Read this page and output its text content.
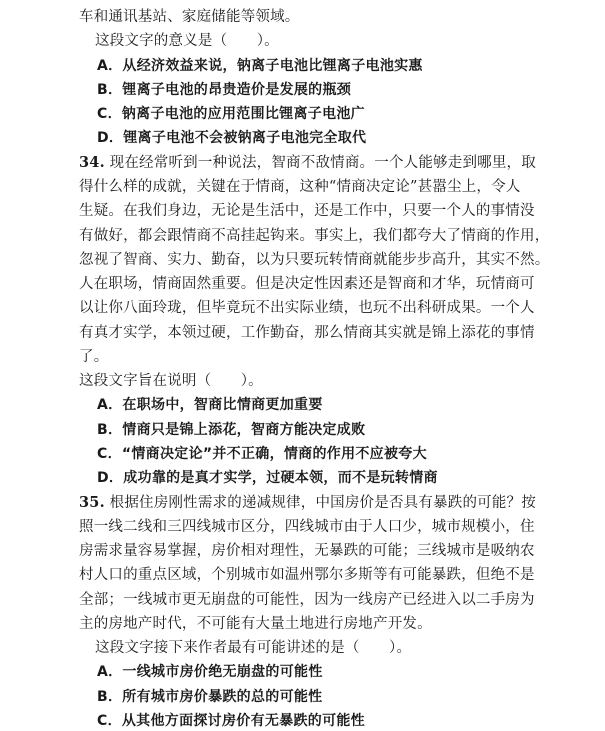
车和通讯基站、家庭储能等领域。
这段文字的意义是（　　）。
A．从经济效益来说，钠离子电池比锂离子电池实惠
B．锂离子电池的昂贵造价是发展的瓶颈
C．钠离子电池的应用范围比锂离子电池广
D．锂离子电池不会被钠离子电池完全取代
34. 现在经常听到一种说法，智商不敌情商。一个人能够走到哪里，取
得什么样的成就，关键在于情商，这种“情商决定论”甚嚣尘上，令人
生疑。在我们身边，无论是生活中，还是工作中，只要一个人的事情没
有做好，都会跟情商不高挂起钩来。事实上，我们都夸大了情商的作用，
忽视了智商、实力、勤奋，以为只要玩转情商就能步步高升，其实不然。
人在职场，情商固然重要。但是决定性因素还是智商和才华，玩情商可
以让你八面玲珑，但毕竟玩不出实际业绩，也玩不出科研成果。一个人
有真才实学，本领过硬，工作勤奋，那么情商其实就是锦上添花的事情
了。
这段文字旨在说明（　　）。
A．在职场中，智商比情商更加重要
B．情商只是锦上添花，智商方能决定成败
C．“情商决定论”并不正确，情商的作用不应被夸大
D．成功靠的是真才实学，过硬本领，而不是玩转情商
35. 根据住房刚性需求的递减规律，中国房价是否具有暴跌的可能？按
照一线二线和三四线城市区分，四线城市由于人口少，城市规模小，住
房需求量容易掌握，房价相对理性，无暴跌的可能；三线城市是吸纳农
村人口的重点区域，个别城市如温州鄂尔多斯等有可能暴跌，但绝不是
全部；一线城市更无崩盘的可能性，因为一线房产已经进入以二手房为
主的房地产时代，不可能有大量土地进行房地产开发。
这段文字接下来作者最有可能讲述的是（　　）。
A．一线城市房价绝无崩盘的可能性
B．所有城市房价暴跌的总的可能性
C．从其他方面探讨房价有无暴跌的可能性
